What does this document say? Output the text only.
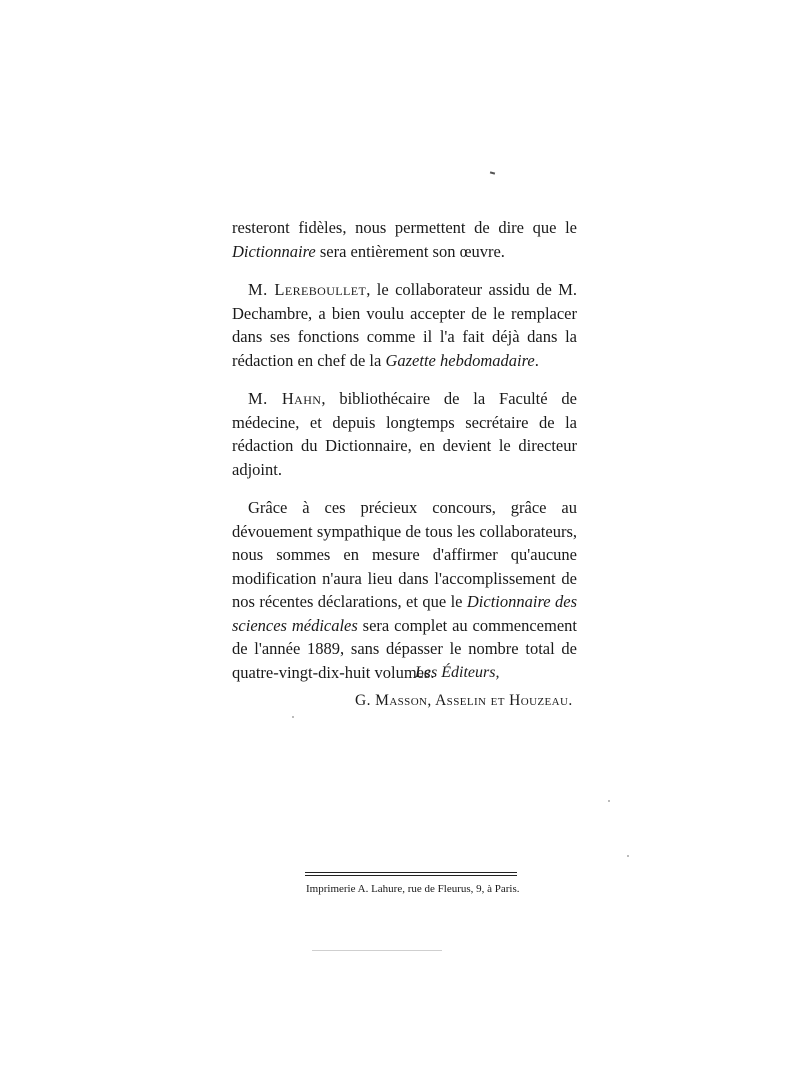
resteront fidèles, nous permettent de dire que le Dictionnaire sera entièrement son œuvre.

M. Lereboullet, le collaborateur assidu de M. Dechambre, a bien voulu accepter de le remplacer dans ses fonctions comme il l'a fait déjà dans la rédaction en chef de la Gazette hebdomadaire.

M. Hahn, bibliothécaire de la Faculté de médecine, et depuis longtemps secrétaire de la rédaction du Dictionnaire, en devient le directeur adjoint.

Grâce à ces précieux concours, grâce au dévouement sympathique de tous les collaborateurs, nous sommes en mesure d'affirmer qu'aucune modification n'aura lieu dans l'accomplissement de nos récentes déclarations, et que le Dictionnaire des sciences médicales sera complet au commencement de l'année 1889, sans dépasser le nombre total de quatre-vingt-dix-huit volumes.

Les Éditeurs,
G. Masson, Asselin et Houzeau.
Imprimerie A. Lahure, rue de Fleurus, 9, à Paris.
